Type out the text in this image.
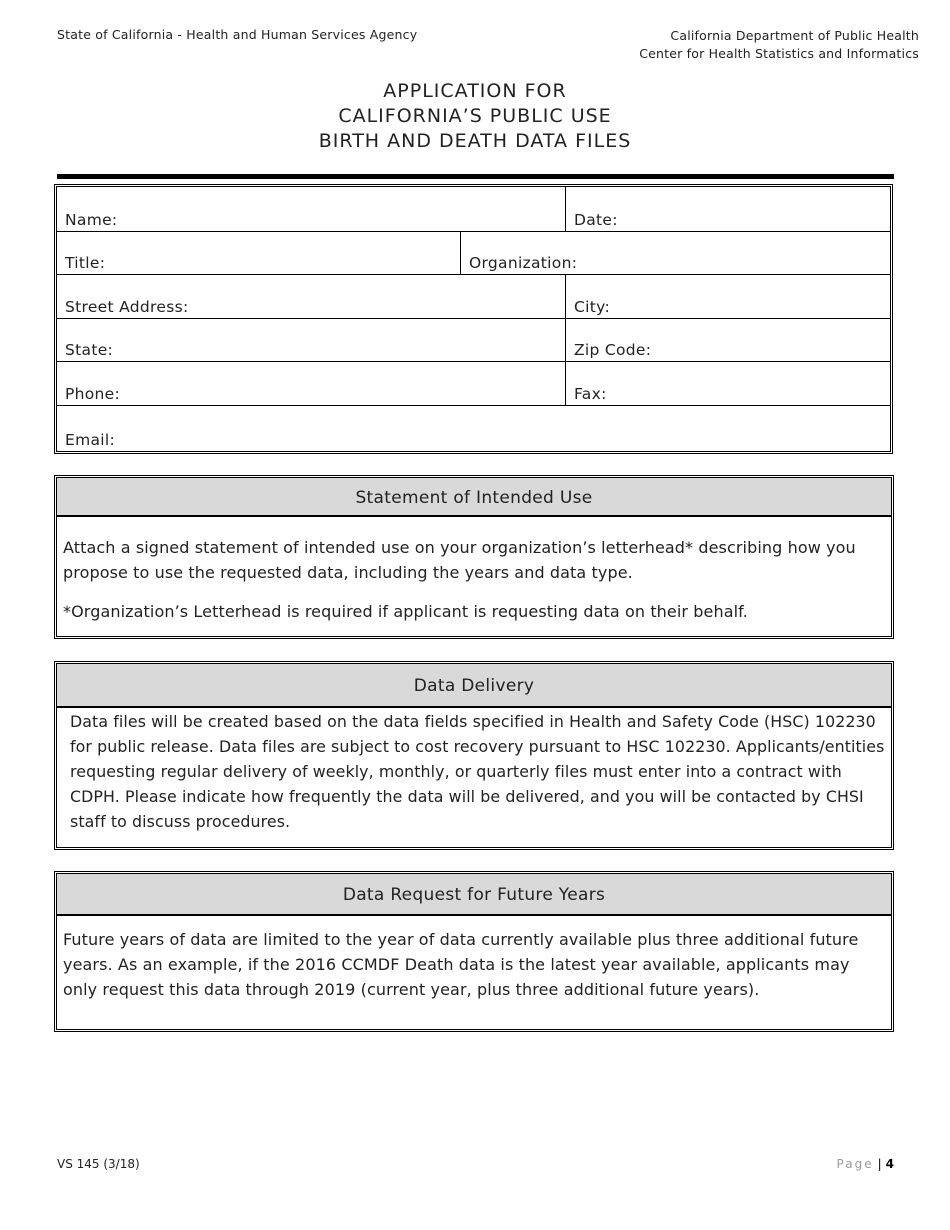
State of California - Health and Human Services Agency	California Department of Public Health
Center for Health Statistics and Informatics
APPLICATION FOR
CALIFORNIA’S PUBLIC USE
BIRTH AND DEATH DATA FILES
Name:	Date:
Title:	Organization:
Street Address:	City:
State:	Zip Code:
Phone:	Fax:
Email:
Statement of Intended Use
Attach a signed statement of intended use on your organization’s letterhead* describing how you propose to use the requested data, including the years and data type.
*Organization’s Letterhead is required if applicant is requesting data on their behalf.
Data Delivery
Data files will be created based on the data fields specified in Health and Safety Code (HSC) 102230 for public release. Data files are subject to cost recovery pursuant to HSC 102230. Applicants/entities requesting regular delivery of weekly, monthly, or quarterly files must enter into a contract with CDPH. Please indicate how frequently the data will be delivered, and you will be contacted by CHSI staff to discuss procedures.
Data Request for Future Years
Future years of data are limited to the year of data currently available plus three additional future years. As an example, if the 2016 CCMDF Death data is the latest year available, applicants may only request this data through 2019 (current year, plus three additional future years).
VS 145 (3/18)	Page | 4
